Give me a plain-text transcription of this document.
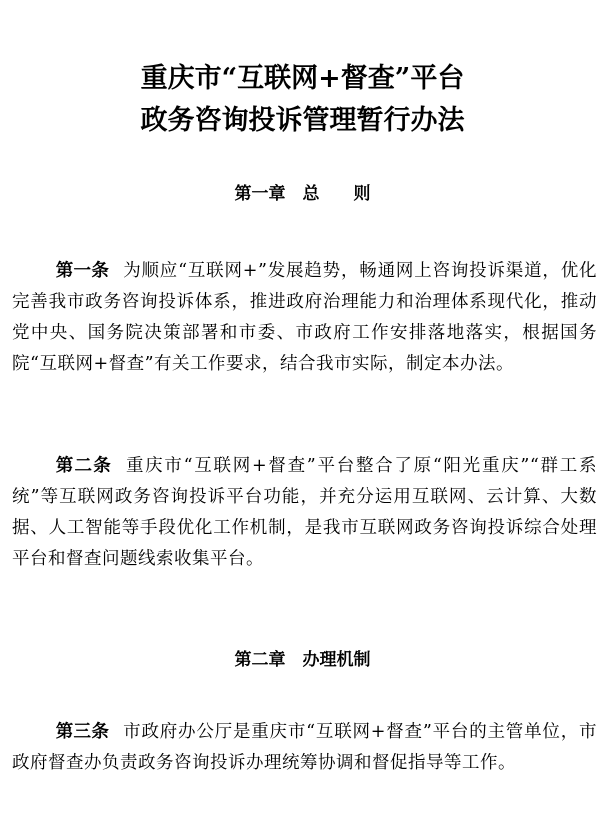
重庆市“互联网+督查”平台
政务咨询投诉管理暂行办法
第一章　总　　则

第一条 为顺应“互联网+”发展趋势，畅通网上咨询投诉渠道，优化完善我市政务咨询投诉体系，推进政府治理能力和治理体系现代化，推动党中央、国务院决策部署和市委、市政府工作安排落地落实，根据国务院“互联网+督查”有关工作要求，结合我市实际，制定本办法。

第二条 重庆市“互联网+督查”平台整合了原“阳光重庆”“群工系统”等互联网政务咨询投诉平台功能，并充分运用互联网、云计算、大数据、人工智能等手段优化工作机制，是我市互联网政务咨询投诉综合处理平台和督查问题线索收集平台。

第二章　办理机制

第三条 市政府办公厅是重庆市“互联网+督查”平台的主管单位，市政府督查办负责政务咨询投诉办理统筹协调和督促指导等工作。
